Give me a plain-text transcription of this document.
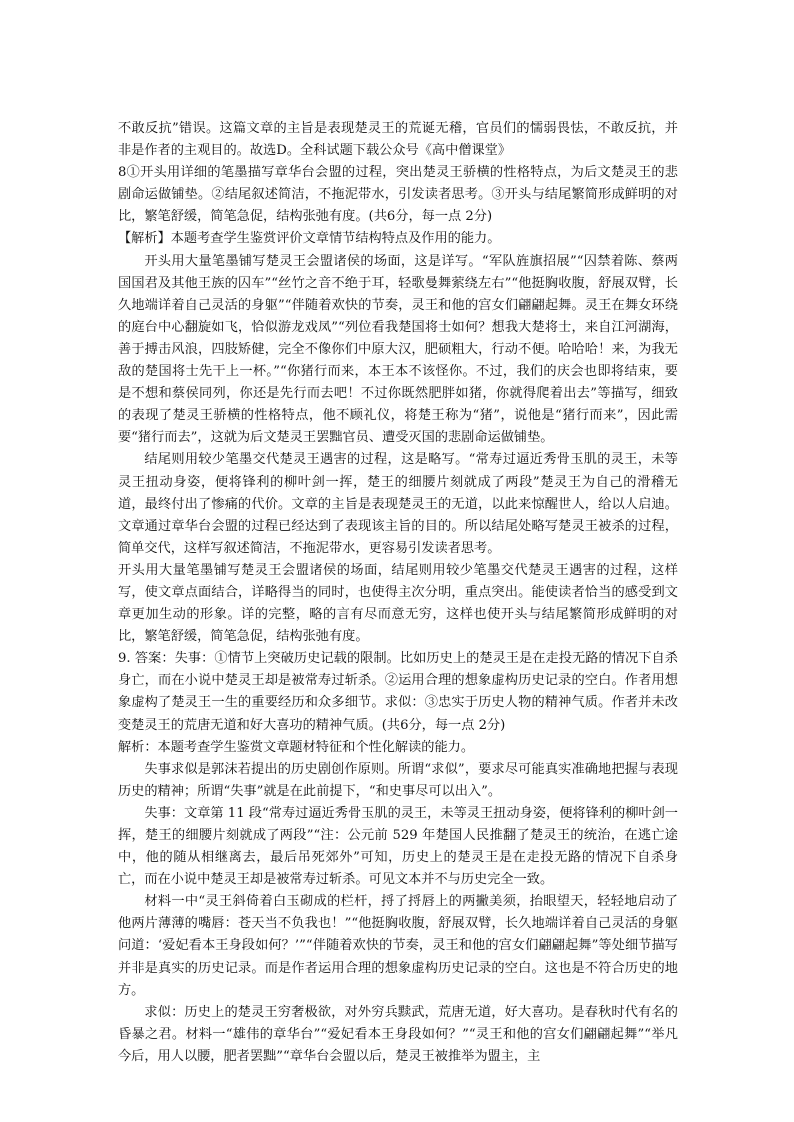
不敢反抗”错误。这篇文章的主旨是表现楚灵王的荒诞无稽，官员们的懦弱畏怯，不敢反抗，并非是作者的主观目的。故选D。全科试题下载公众号《高中僧课堂》

8①开头用详细的笔墨描写章华台会盟的过程，突出楚灵王骄横的性格特点，为后文楚灵王的悲剧命运做铺垫。②结尾叙述简洁，不拖泥带水，引发读者思考。③开头与结尾繁简形成鲜明的对比，繁笔舒缓，简笔急促，结构张弛有度。(共6分，每一点 2分)

【解析】本题考查学生鉴赏评价文章情节结构特点及作用的能力。

开头用大量笔墨铺写楚灵王会盟诸侯的场面，这是详写。“军队旌旗招展”“囚禁着陈、蔡两国国君及其他王族的囚车”“丝竹之音不绝于耳，轻歌曼舞萦绕左右”“他挺胸收腹，舒展双臂，长久地端详着自己灵活的身躯”“伴随着欢快的节奏，灵王和他的宫女们翩翩起舞。灵王在舞女环绕的庭台中心翻旋如飞，恰似游龙戏凤”“列位看我楚国将士如何？想我大楚将士，来自江河湖海，善于搏击风浪，四肢矫健，完全不像你们中原大汉，肥硕粗大，行动不便。哈哈哈！来，为我无敌的楚国将士先干上一杯。”“你猪行而来，本王本不该怪你。不过，我们的庆会也即将结束，要是不想和蔡侯同列，你还是先行而去吧！不过你既然肥胖如猪，你就得爬着出去”等描写，细致的表现了楚灵王骄横的性格特点，他不顾礼仪，将楚王称为“猪”，说他是“猪行而来”，因此需要“猪行而去”，这就为后文楚灵王罢黜官员、遭受灭国的悲剧命运做铺垫。

结尾则用较少笔墨交代楚灵王遇害的过程，这是略写。“常寿过逼近秀骨玉肌的灵王，未等灵王扭动身姿，便将锋利的柳叶剑一挥，楚王的细腰片刻就成了两段”楚灵王为自己的滑稽无道，最终付出了惨痛的代价。文章的主旨是表现楚灵王的无道，以此来惊醒世人，给以人启迪。文章通过章华台会盟的过程已经达到了表现该主旨的目的。所以结尾处略写楚灵王被杀的过程，简单交代，这样写叙述简洁，不拖泥带水，更容易引发读者思考。

开头用大量笔墨铺写楚灵王会盟诸侯的场面，结尾则用较少笔墨交代楚灵王遇害的过程，这样写，使文章点面结合，详略得当的同时，也使得主次分明，重点突出。能使读者恰当的感受到文章更加生动的形象。详的完整，略的言有尽而意无穷，这样也使开头与结尾繁简形成鲜明的对比，繁笔舒缓，简笔急促，结构张弛有度。

9. 答案：失事：①情节上突破历史记载的限制。比如历史上的楚灵王是在走投无路的情况下自杀身亡，而在小说中楚灵王却是被常寿过斩杀。②运用合理的想象虚构历史记录的空白。作者用想象虚构了楚灵王一生的重要经历和众多细节。求似：③忠实于历史人物的精神气质。作者并未改变楚灵王的荒唐无道和好大喜功的精神气质。(共6分，每一点 2分)

解析：本题考查学生鉴赏文章题材特征和个性化解读的能力。

失事求似是郭沫若提出的历史剧创作原则。所谓“求似”，要求尽可能真实准确地把握与表现历史的精神；所谓“失事”就是在此前提下，“和史事尽可以出入”。

失事：文章第 11 段“常寿过逼近秀骨玉肌的灵王，未等灵王扭动身姿，便将锋利的柳叶剑一挥，楚王的细腰片刻就成了两段”“注：公元前 529 年楚国人民推翻了楚灵王的统治，在逃亡途中，他的随从相继离去，最后吊死郊外”可知，历史上的楚灵王是在走投无路的情况下自杀身亡，而在小说中楚灵王却是被常寿过斩杀。可见文本并不与历史完全一致。

材料一中“灵王斜倚着白玉砌成的栏杆，捋了捋唇上的两撇美须，抬眼望天，轻轻地启动了他两片薄薄的嘴唇：苍天当不负我也！”“他挺胸收腹，舒展双臂，长久地端详着自己灵活的身躯问道：‘爱妃看本王身段如何？’”“伴随着欢快的节奏，灵王和他的宫女们翩翩起舞”等处细节描写并非是真实的历史记录。而是作者运用合理的想象虚构历史记录的空白。这也是不符合历史的地方。

求似：历史上的楚灵王穷奢极欲，对外穷兵黩武，荒唐无道，好大喜功。是春秋时代有名的昏暴之君。材料一“雄伟的章华台”“爱妃看本王身段如何？”“灵王和他的宫女们翩翩起舞”“举凡今后，用人以腰，肥者罢黜”“章华台会盟以后，楚灵王被推举为盟主，主
